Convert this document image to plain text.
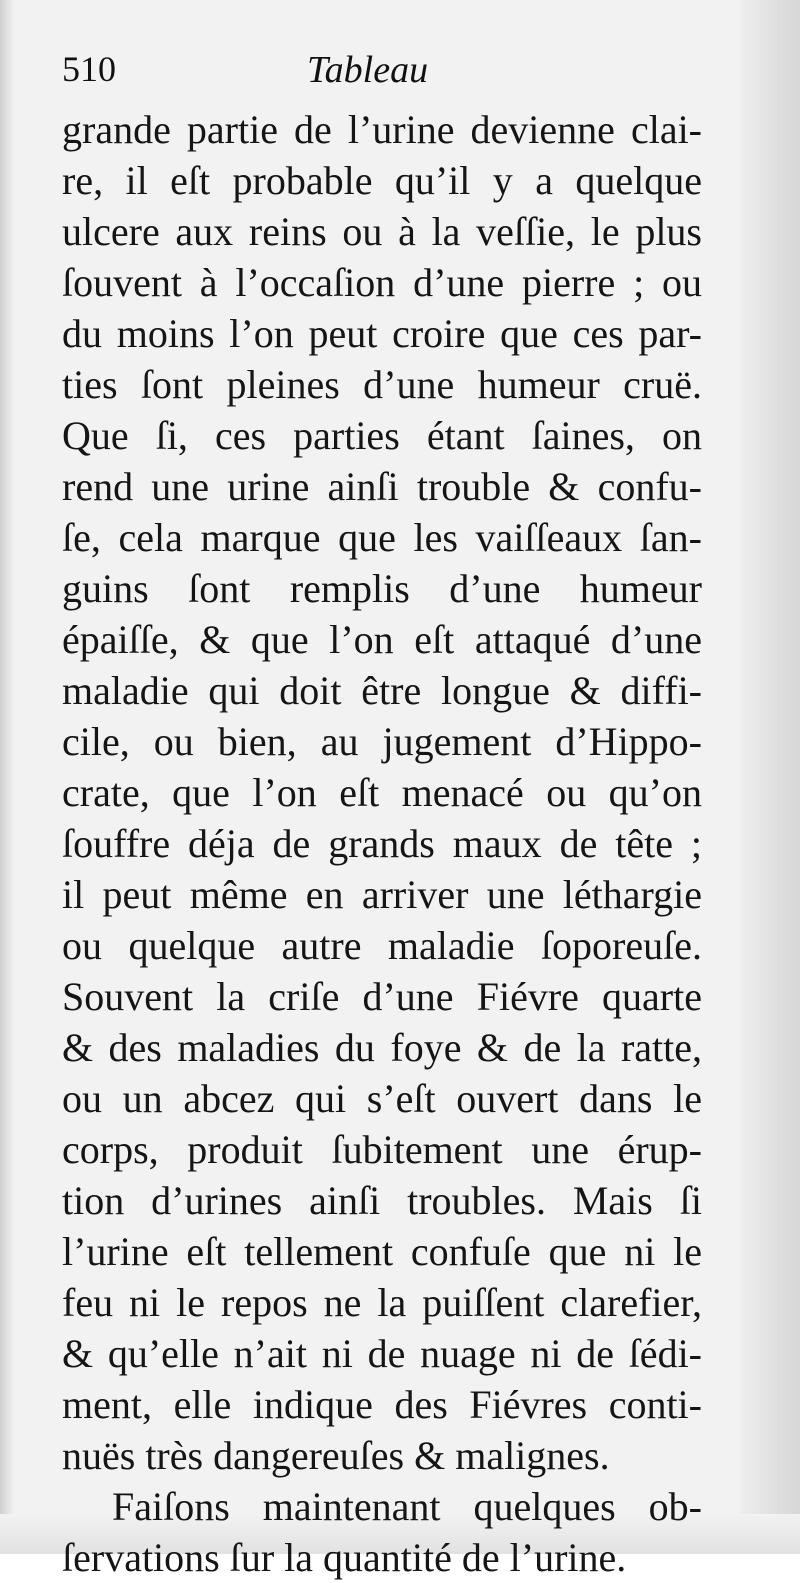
510	Tableau
grande partie de l’urine devienne clai-
re, il eſt probable qu’il y a quelque
ulcere aux reins ou à la veſſie, le plus
ſouvent à l’occaſion d’une pierre ; ou
du moins l’on peut croire que ces par-
ties ſont pleines d’une humeur cruë.
Que ſi, ces parties étant ſaines, on
rend une urine ainſi trouble & confu-
ſe, cela marque que les vaiſſeaux ſan-
guins ſont remplis d’une humeur
épaiſſe, & que l’on eſt attaqué d’une
maladie qui doit être longue & diffi-
cile, ou bien, au jugement d’Hippo-
crate, que l’on eſt menacé ou qu’on
ſouffre déja de grands maux de tête ;
il peut même en arriver une léthargie
ou quelque autre maladie ſoporeuſe.
Souvent la criſe d’une Fiévre quarte
& des maladies du foye & de la ratte,
ou un abcez qui s’eſt ouvert dans le
corps, produit ſubitement une érup-
tion d’urines ainſi troubles. Mais ſi
l’urine eſt tellement confuſe que ni le
feu ni le repos ne la puiſſent clarefier,
& qu’elle n’ait ni de nuage ni de ſédi-
ment, elle indique des Fiévres conti-
nuës très dangereuſes & malignes.
Faiſons maintenant quelques ob-
ſervations ſur la quantité de l’urine.
